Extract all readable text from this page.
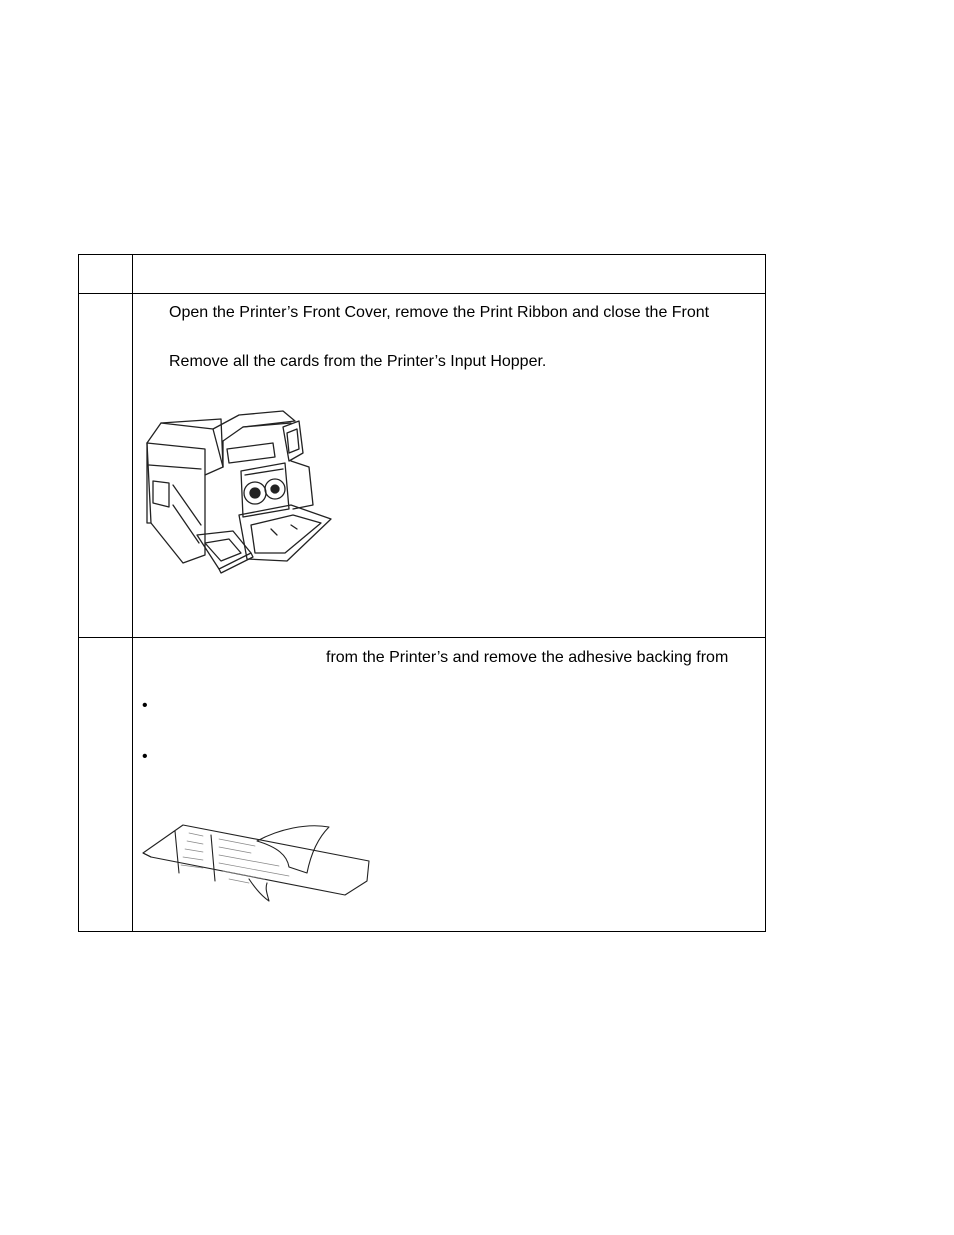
Open the Printer’s Front Cover, remove the Print Ribbon and close the Front
Remove all the cards from the Printer’s Input Hopper.
from the Printer’s and remove the adhesive backing from
•
•
